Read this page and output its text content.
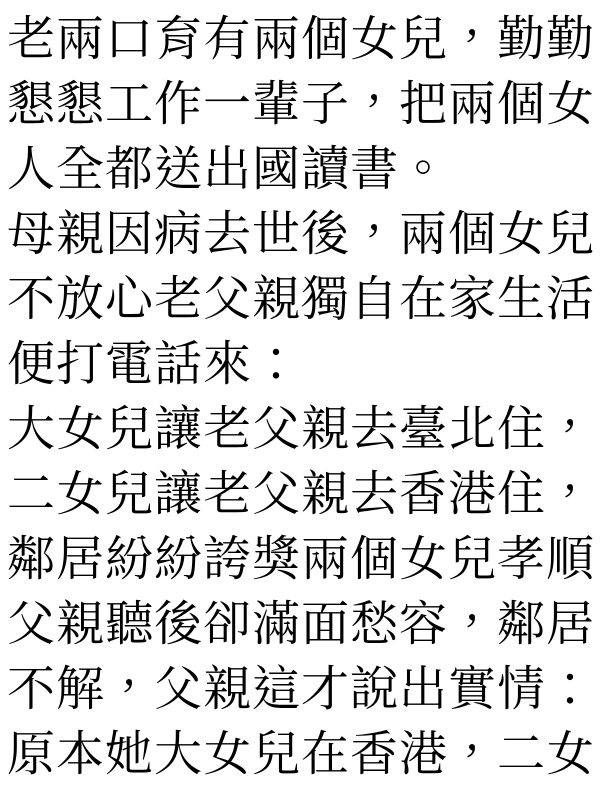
老兩口育有兩個女兒，勤勤
懇懇工作一輩子，把兩個女
人全都送出國讀書。
母親因病去世後，兩個女兒
不放心老父親獨自在家生活
便打電話來：
大女兒讓老父親去臺北住，
二女兒讓老父親去香港住，
鄰居紛紛誇獎兩個女兒孝順
父親聽後卻滿面愁容，鄰居
不解，父親這才說出實情：
原本她大女兒在香港，二女
